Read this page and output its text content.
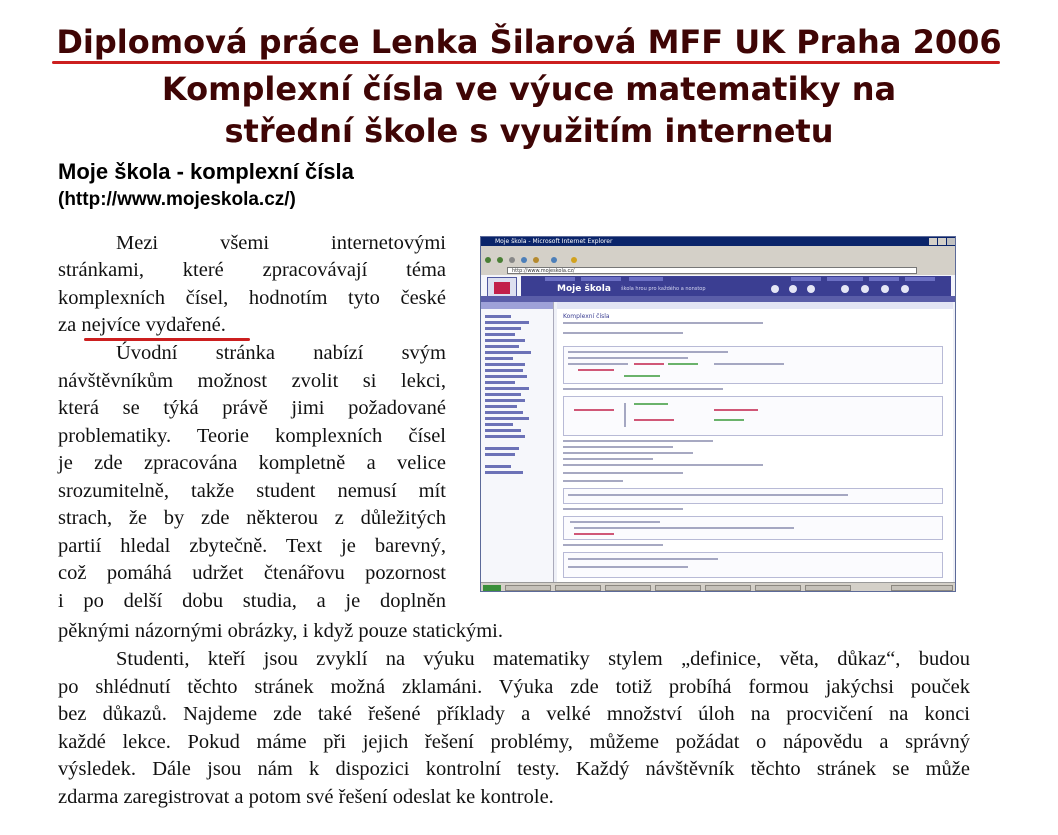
Diplomová práce Lenka Šilarová MFF UK Praha 2006
Komplexní čísla ve výuce matematiky na
střední škole s využitím internetu
Moje škola - komplexní čísla
(http://www.mojeskola.cz/)
Mezi všemi internetovými
stránkami, které zpracovávají téma
komplexních čísel, hodnotím tyto české
za nejvíce vydařené.
Úvodní stránka nabízí svým
návštěvníkům možnost zvolit si lekci,
která se týká právě jimi požadované
problematiky. Teorie komplexních čísel
je zde zpracována kompletně a velice
srozumitelně, takže student nemusí mít
strach, že by zde některou z důležitých
partií hledal zbytečně. Text je barevný,
což pomáhá udržet čtenářovu pozornost
i po delší dobu studia, a je doplněn
pěknými názornými obrázky, i když pouze statickými.
Studenti, kteří jsou zvyklí na výuku matematiky stylem „definice, věta, důkaz“, budou
po shlédnutí těchto stránek možná zklamáni. Výuka zde totiž probíhá formou jakýchsi pouček
bez důkazů. Najdeme zde také řešené příklady a velké množství úloh na procvičení na konci
každé lekce. Pokud máme při jejich řešení problémy, můžeme požádat o nápovědu a správný
výsledek. Dále jsou nám k dispozici kontrolní testy. Každý návštěvník těchto stránek se může
zdarma zaregistrovat a potom své řešení odeslat ke kontrole.
Moje škola - Microsoft Internet Explorer
http://www.mojeskola.cz/
Moje škola škola hrou pro každého a nonstop
Komplexní čísla
